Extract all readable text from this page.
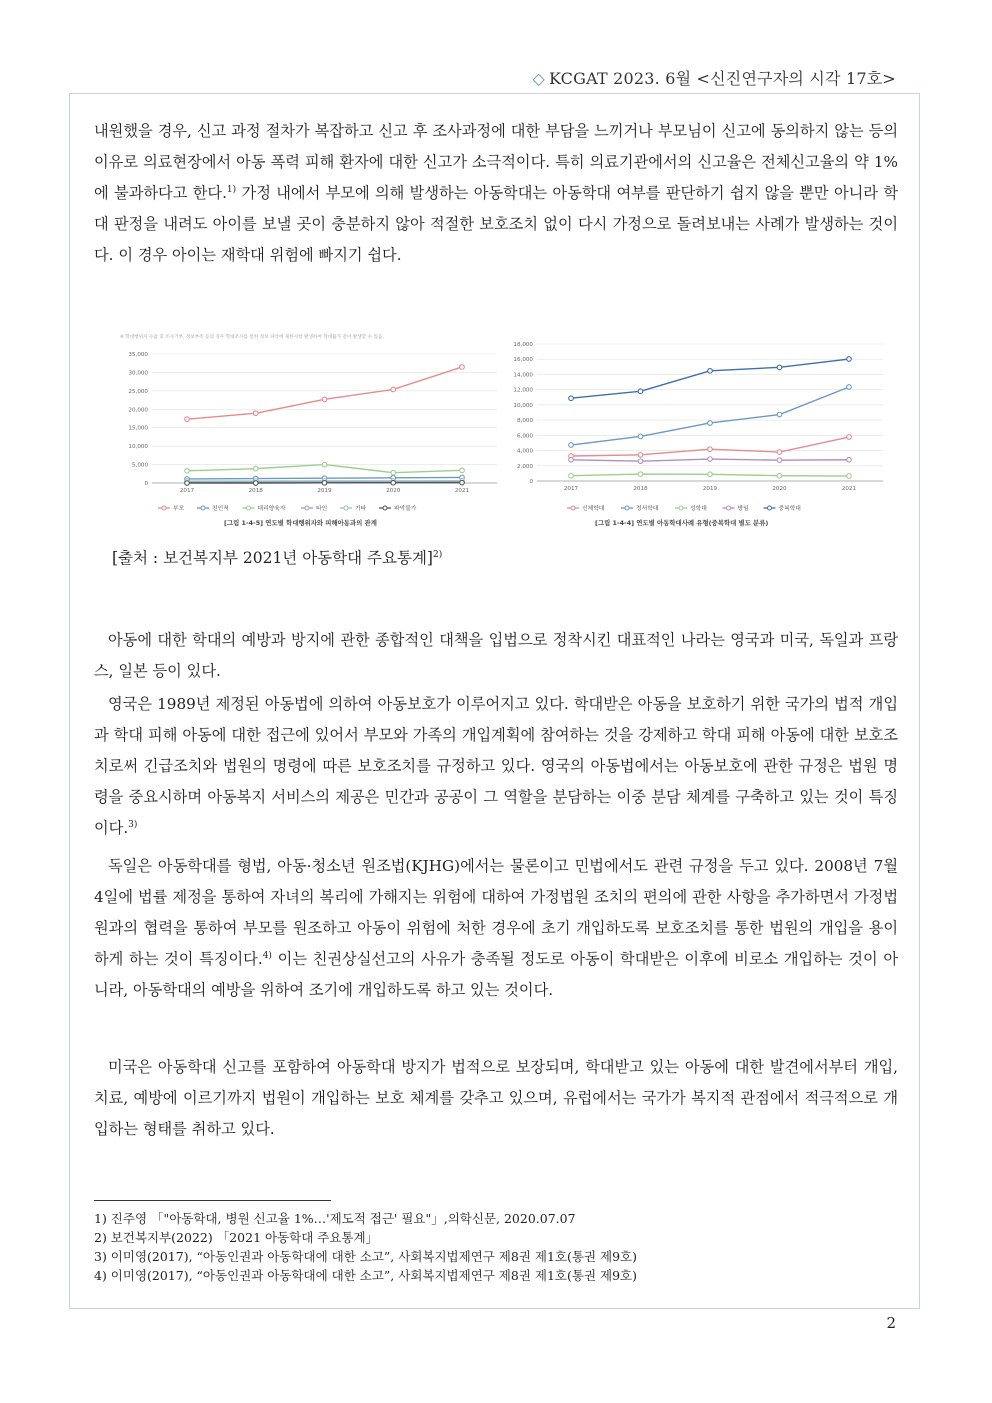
◇ KCGAT 2023. 6월 <신진연구자의 시각 17호>

내원했을 경우, 신고 과정 절차가 복잡하고 신고 후 조사과정에 대한 부담을 느끼거나 부모님이 신고에 동의하지 않는 등의 이유로 의료현장에서 아동 폭력 피해 환자에 대한 신고가 소극적이다. 특히 의료기관에서의 신고율은 전체신고율의 약 1%에 불과하다고 한다.$^{1)}$ 가정 내에서 부모에 의해 발생하는 아동학대는 아동학대 여부를 판단하기 쉽지 않을 뿐만 아니라 학대 판정을 내려도 아이를 보낼 곳이 충분하지 않아 적절한 보호조치 없이 다시 가정으로 돌려보내는 사례가 발생하는 것이다. 이 경우 아이는 재학대 위험에 빠지기 쉽다.

※ 학대행위자 수값 및 조사거부, 정보부족 등의 경우 학대조사를 통한 정보 파악에 제한사항 발생하여 학대률가 같이 발생할 수 있음.
0
5,000
10,000
15,000
20,000
25,000
30,000
35,000
2017	2018	2019	2020	2021
부모	친인척	대리양육자	타인	기타	파악불가
[그림 1-4-5] 연도별 학대행위자와 피해아동과의 관계
0
2,000
4,000
6,000
8,000
10,000
12,000
14,000
16,000
18,000
2017	2018	2019	2020	2021
신체학대	정서학대	성학대	방임	중복학대
[그림 1-4-4] 연도별 아동학대사례 유형(중복학대 별도 분류)
[출처 : 보건복지부 2021년 아동학대 주요통계]$^{2)}$

아동에 대한 학대의 예방과 방지에 관한 종합적인 대책을 입법으로 정착시킨 대표적인 나라는 영국과 미국, 독일과 프랑스, 일본 등이 있다.

영국은 1989년 제정된 아동법에 의하여 아동보호가 이루어지고 있다. 학대받은 아동을 보호하기 위한 국가의 법적 개입과 학대 피해 아동에 대한 접근에 있어서 부모와 가족의 개입계획에 참여하는 것을 강제하고 학대 피해 아동에 대한 보호조치로써 긴급조치와 법원의 명령에 따른 보호조치를 규정하고 있다. 영국의 아동법에서는 아동보호에 관한 규정은 법원 명령을 중요시하며 아동복지 서비스의 제공은 민간과 공공이 그 역할을 분담하는 이중 분담 체계를 구축하고 있는 것이 특징이다.$^{3)}$

독일은 아동학대를 형법, 아동·청소년 원조법(KJHG)에서는 물론이고 민법에서도 관련 규정을 두고 있다. 2008년 7월 4일에 법률 제정을 통하여 자녀의 복리에 가해지는 위험에 대하여 가정법원 조치의 편의에 관한 사항을 추가하면서 가정법원과의 협력을 통하여 부모를 원조하고 아동이 위험에 처한 경우에 초기 개입하도록 보호조치를 통한 법원의 개입을 용이하게 하는 것이 특징이다.$^{4)}$ 이는 친권상실선고의 사유가 충족될 정도로 아동이 학대받은 이후에 비로소 개입하는 것이 아니라, 아동학대의 예방을 위하여 조기에 개입하도록 하고 있는 것이다.

미국은 아동학대 신고를 포함하여 아동학대 방지가 법적으로 보장되며, 학대받고 있는 아동에 대한 발견에서부터 개입, 치료, 예방에 이르기까지 법원이 개입하는 보호 체계를 갖추고 있으며, 유럽에서는 국가가 복지적 관점에서 적극적으로 개입하는 형태를 취하고 있다.

1) 진주영 「"아동학대, 병원 신고율 1%…'제도적 접근' 필요"」,의학신문, 2020.07.07
2) 보건복지부(2022) 「2021 아동학대 주요통계」
3) 이미영(2017), “아동인권과 아동학대에 대한 소고”, 사회복지법제연구 제8권 제1호(통권 제9호)
4) 이미영(2017), “아동인권과 아동학대에 대한 소고”, 사회복지법제연구 제8권 제1호(통권 제9호)
2
